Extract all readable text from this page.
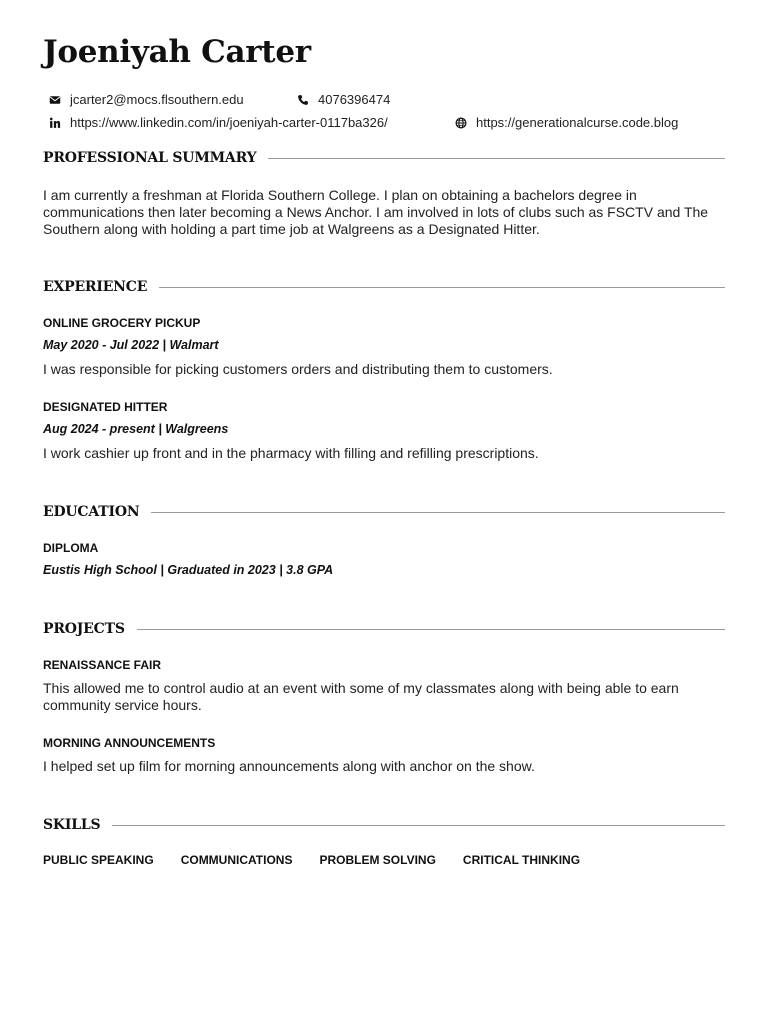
Joeniyah Carter
jcarter2@mocs.flsouthern.edu	4076396474
https://www.linkedin.com/in/joeniyah-carter-0117ba326/	https://generationalcurse.code.blog
PROFESSIONAL SUMMARY
I am currently a freshman at Florida Southern College. I plan on obtaining a bachelors degree in communications then later becoming a News Anchor. I am involved in lots of clubs such as FSCTV and The Southern along with holding a part time job at Walgreens as a Designated Hitter.
EXPERIENCE
ONLINE GROCERY PICKUP
May 2020 - Jul 2022 | Walmart
I was responsible for picking customers orders and distributing them to customers.
DESIGNATED HITTER
Aug 2024 - present | Walgreens
I work cashier up front and in the pharmacy with filling and refilling prescriptions.
EDUCATION
DIPLOMA
Eustis High School | Graduated in 2023 | 3.8 GPA
PROJECTS
RENAISSANCE FAIR
This allowed me to control audio at an event with some of my classmates along with being able to earn community service hours.
MORNING ANNOUNCEMENTS
I helped set up film for morning announcements along with anchor on the show.
SKILLS
PUBLIC SPEAKING COMMUNICATIONS PROBLEM SOLVING CRITICAL THINKING
